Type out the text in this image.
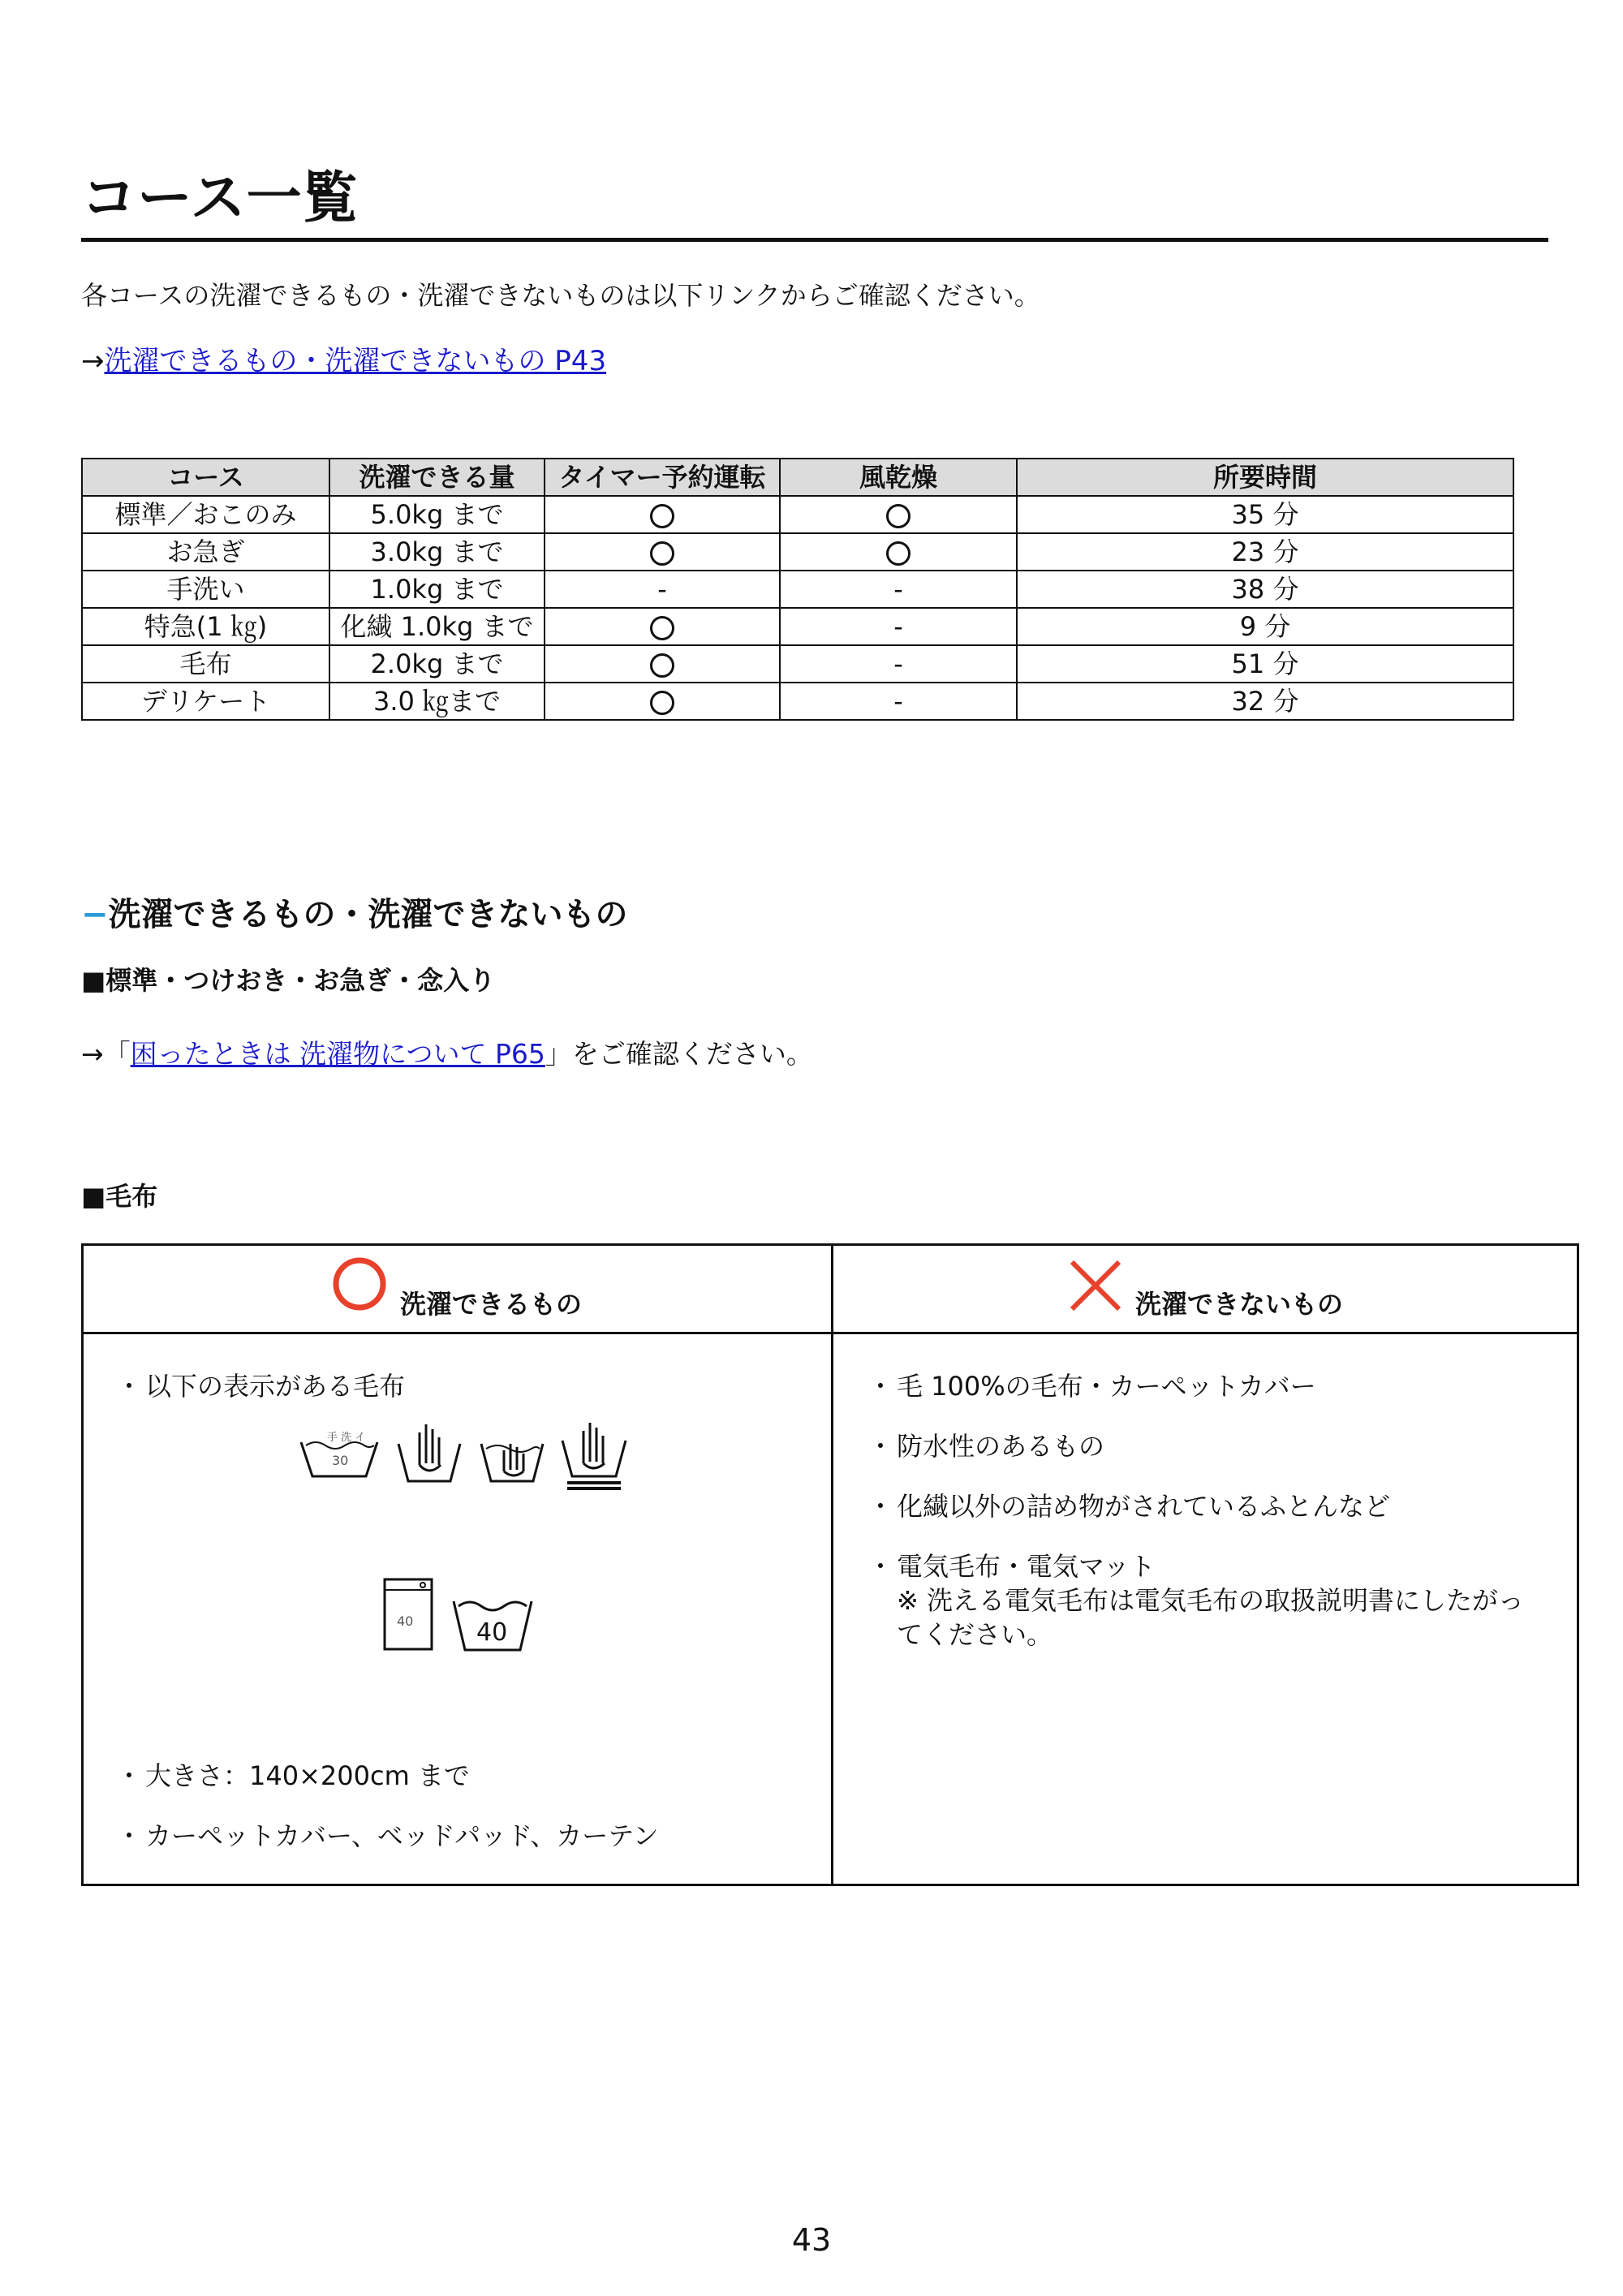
コース一覧
各コースの洗濯できるもの・洗濯できないものは以下リンクからご確認ください。
→洗濯できるもの・洗濯できないもの P43
コース	洗濯できる量	タイマー予約運転	風乾燥	所要時間
標準／おこのみ	5.0kg まで			35 分
お急ぎ	3.0kg まで			23 分
手洗い	1.0kg まで	-	-	38 分
特急(1 ㎏)	化繊 1.0kg まで		-	9 分
毛布	2.0kg まで		-	51 分
デリケート	3.0 ㎏まで		-	32 分
−洗濯できるもの・洗濯できないもの
■標準・つけおき・お急ぎ・念入り
→「困ったときは 洗濯物について P65」をご確認ください。
■毛布
洗濯できるもの	洗濯できないもの
・ 以下の表示がある毛布
手 洗 イ
30
40	40
・ 大きさ：140×200cm まで
・ カーペットカバー、ベッドパッド、カーテン
・ 毛 100%の毛布・カーペットカバー
・ 防水性のあるもの
・ 化繊以外の詰め物がされているふとんなど
・ 電気毛布・電気マット
※ 洗える電気毛布は電気毛布の取扱説明書にしたがっ
てください。
43
